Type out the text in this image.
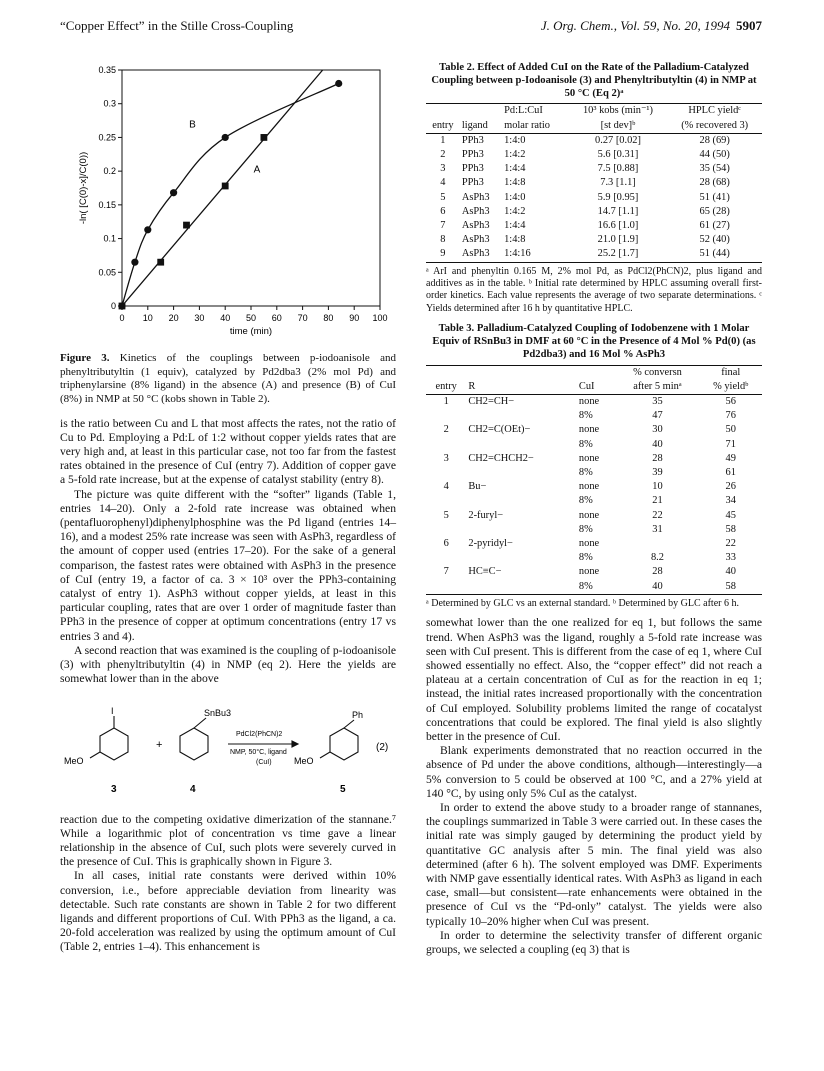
“Copper Effect” in the Stille Cross-Coupling	J. Org. Chem., Vol. 59, No. 20, 1994 5907
0 10 20 30 40 50 60 70 80 90 100
0
0.05
0.1
0.15
0.2
0.25
0.3
0.35
time (min)
-ln( [C(0)-x]/C(0))
B
A
Figure 3. Kinetics of the couplings between p-iodoanisole and phenyltributyltin (1 equiv), catalyzed by Pd2dba3 (2% mol Pd) and triphenylarsine (8% ligand) in the absence (A) and presence (B) of CuI (8%) in NMP at 50 °C (kobs shown in Table 2).

is the ratio between Cu and L that most affects the rates, not the ratio of Cu to Pd. Employing a Pd:L of 1:2 without copper yields rates that are very high and, at least in this particular case, not too far from the fastest rates obtained in the presence of CuI (entry 7). Addition of copper gave a 5-fold rate increase, but at the expense of catalyst stability (entry 8).

The picture was quite different with the “softer” ligands (Table 1, entries 14–20). Only a 2-fold rate increase was obtained when (pentafluorophenyl)diphenylphosphine was the Pd ligand (entries 14–16), and a modest 25% rate increase was seen with AsPh3, regardless of the amount of copper used (entries 17–20). For the sake of a general comparison, the fastest rates were obtained with AsPh3 in the presence of CuI (entry 19, a factor of ca. 3 × 10³ over the PPh3-containing catalyst of entry 1). AsPh3 without copper yields, at least in this particular coupling, rates that are over 1 order of magnitude faster than PPh3 in the presence of copper at optimum concentrations (entry 17 vs entries 3 and 4).

A second reaction that was examined is the coupling of p-iodoanisole (3) with phenyltributyltin (4) in NMP (eq 2). Here the yields are somewhat lower than in the above

I
MeO
+
SnBu3
PdCl2(PhCN)2
NMP, 50°C, ligand
(CuI)
Ph
MeO
(2)
3	4	5

reaction due to the competing oxidative dimerization of the stannane.⁷ While a logarithmic plot of concentration vs time gave a linear relationship in the absence of CuI, such plots were severely curved in the presence of CuI. This is graphically shown in Figure 3.

In all cases, initial rate constants were derived within 10% conversion, i.e., before appreciable deviation from linearity was detectable. Such rate constants are shown in Table 2 for two different ligands and different proportions of CuI. With PPh3 as the ligand, a ca. 20-fold acceleration was realized by using the optimum amount of CuI (Table 2, entries 1–4). This enhancement is

Table 2. Effect of Added CuI on the Rate of the Palladium-Catalyzed Coupling between p-Iodoanisole (3) and Phenyltributyltin (4) in NMP at 50 °C (Eq 2)ᵃ
		Pd:L:CuI	10³ kobs (min⁻¹)	HPLC yieldᶜ
entry	ligand	molar ratio	[st dev]ᵇ	(% recovered 3)
1	PPh3	1:4:0	0.27 [0.02]	28 (69)
2	PPh3	1:4:2	5.6 [0.31]	44 (50)
3	PPh3	1:4:4	7.5 [0.88]	35 (54)
4	PPh3	1:4:8	7.3 [1.1]	28 (68)
5	AsPh3	1:4:0	5.9 [0.95]	51 (41)
6	AsPh3	1:4:2	14.7 [1.1]	65 (28)
7	AsPh3	1:4:4	16.6 [1.0]	61 (27)
8	AsPh3	1:4:8	21.0 [1.9]	52 (40)
9	AsPh3	1:4:16	25.2 [1.7]	51 (44)
ᵃ ArI and phenyltin 0.165 M, 2% mol Pd, as PdCl2(PhCN)2, plus ligand and additives as in the table. ᵇ Initial rate determined by HPLC assuming overall first-order kinetics. Each value represents the average of two separate determinations. ᶜ Yields determined after 16 h by quantitative HPLC.
Table 3. Palladium-Catalyzed Coupling of Iodobenzene with 1 Molar Equiv of RSnBu3 in DMF at 60 °C in the Presence of 4 Mol % Pd(0) (as Pd2dba3) and 16 Mol % AsPh3
			% conversn	final
entry	R	CuI	after 5 minᵃ	% yieldᵇ
1	CH2=CH−	none	35	56
		8%	47	76
2	CH2=C(OEt)−	none	30	50
		8%	40	71
3	CH2=CHCH2−	none	28	49
		8%	39	61
4	Bu−	none	10	26
		8%	21	34
5	2-furyl−	none	22	45
		8%	31	58
6	2-pyridyl−	none		22
		8%	8.2	33
7	HC≡C−	none	28	40
		8%	40	58
ᵃ Determined by GLC vs an external standard. ᵇ Determined by GLC after 6 h.

somewhat lower than the one realized for eq 1, but follows the same trend. When AsPh3 was the ligand, roughly a 5-fold rate increase was seen with CuI present. This is different from the case of eq 1, where CuI showed essentially no effect. Also, the “copper effect” did not reach a plateau at a certain concentration of CuI as for the reaction in eq 1; instead, the initial rates increased proportionally with the concentration of CuI employed. Solubility problems limited the range of cocatalyst concentrations that could be explored. The final yield is also slightly better in the presence of CuI.

Blank experiments demonstrated that no reaction occurred in the absence of Pd under the above conditions, although—interestingly—a 5% conversion to 5 could be observed at 100 °C, and a 27% yield at 140 °C, by using only 5% CuI as the catalyst.

In order to extend the above study to a broader range of stannanes, the couplings summarized in Table 3 were carried out. In these cases the initial rate was simply gauged by determining the product yield by quantitative GC analysis after 5 min. The final yield was also determined (after 6 h). The solvent employed was DMF. Experiments with NMP gave essentially identical rates. With AsPh3 as ligand in each case, small—but consistent—rate enhancements were obtained in the presence of CuI vs the “Pd-only” catalyst. The yields were also typically 10–20% higher when CuI was present.

In order to determine the selectivity transfer of different organic groups, we selected a coupling (eq 3) that is
